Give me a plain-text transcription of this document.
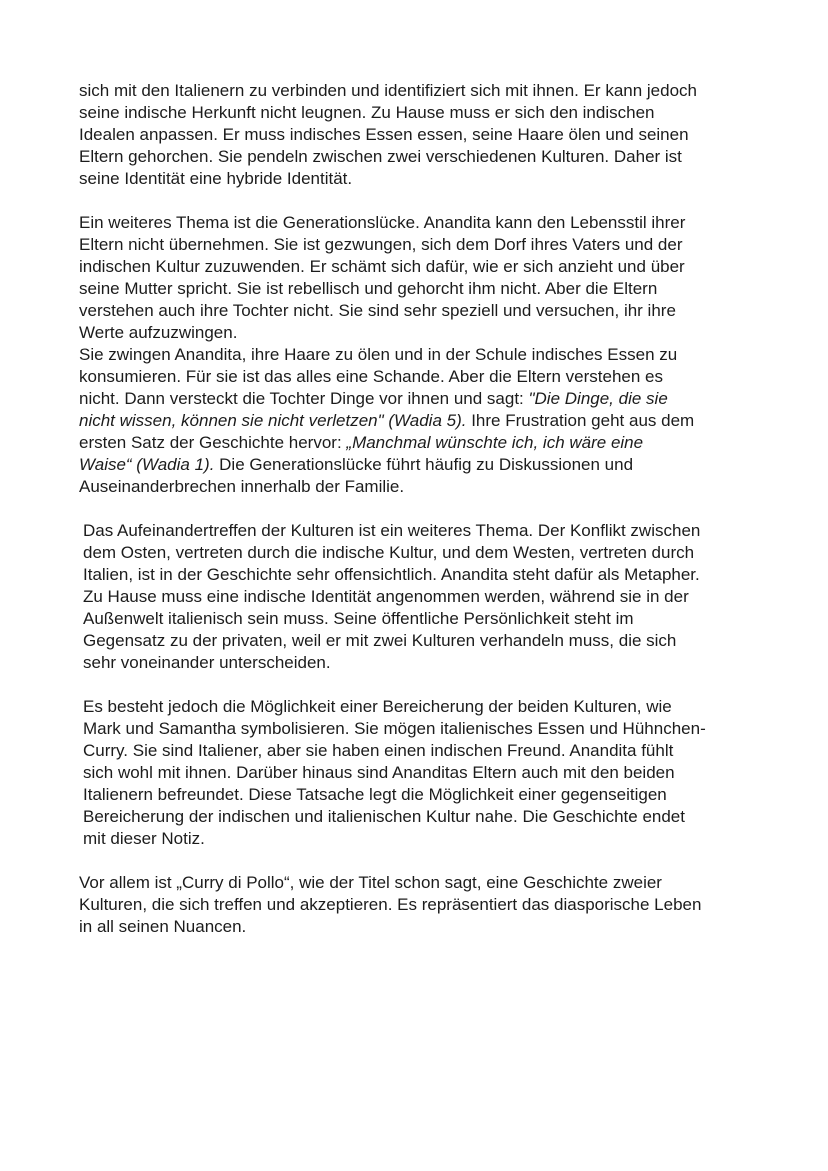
sich mit den Italienern zu verbinden und identifiziert sich mit ihnen. Er kann jedoch
seine indische Herkunft nicht leugnen. Zu Hause muss er sich den indischen
Idealen anpassen. Er muss indisches Essen essen, seine Haare ölen und seinen
Eltern gehorchen. Sie pendeln zwischen zwei verschiedenen Kulturen. Daher ist
seine Identität eine hybride Identität.

Ein weiteres Thema ist die Generationslücke. Anandita kann den Lebensstil ihrer
Eltern nicht übernehmen. Sie ist gezwungen, sich dem Dorf ihres Vaters und der
indischen Kultur zuzuwenden. Er schämt sich dafür, wie er sich anzieht und über
seine Mutter spricht. Sie ist rebellisch und gehorcht ihm nicht. Aber die Eltern
verstehen auch ihre Tochter nicht. Sie sind sehr speziell und versuchen, ihr ihre
Werte aufzuzwingen.

Sie zwingen Anandita, ihre Haare zu ölen und in der Schule indisches Essen zu
konsumieren. Für sie ist das alles eine Schande. Aber die Eltern verstehen es
nicht. Dann versteckt die Tochter Dinge vor ihnen und sagt: "Die Dinge, die sie
nicht wissen, können sie nicht verletzen" (Wadia 5). Ihre Frustration geht aus dem
ersten Satz der Geschichte hervor: „Manchmal wünschte ich, ich wäre eine
Waise“ (Wadia 1). Die Generationslücke führt häufig zu Diskussionen und
Auseinanderbrechen innerhalb der Familie.

Das Aufeinandertreffen der Kulturen ist ein weiteres Thema. Der Konflikt zwischen
dem Osten, vertreten durch die indische Kultur, und dem Westen, vertreten durch
Italien, ist in der Geschichte sehr offensichtlich. Anandita steht dafür als Metapher.
Zu Hause muss eine indische Identität angenommen werden, während sie in der
Außenwelt italienisch sein muss. Seine öffentliche Persönlichkeit steht im
Gegensatz zu der privaten, weil er mit zwei Kulturen verhandeln muss, die sich
sehr voneinander unterscheiden.

Es besteht jedoch die Möglichkeit einer Bereicherung der beiden Kulturen, wie
Mark und Samantha symbolisieren. Sie mögen italienisches Essen und Hühnchen-
Curry. Sie sind Italiener, aber sie haben einen indischen Freund. Anandita fühlt
sich wohl mit ihnen. Darüber hinaus sind Ananditas Eltern auch mit den beiden
Italienern befreundet. Diese Tatsache legt die Möglichkeit einer gegenseitigen
Bereicherung der indischen und italienischen Kultur nahe. Die Geschichte endet
mit dieser Notiz.

Vor allem ist „Curry di Pollo“, wie der Titel schon sagt, eine Geschichte zweier
Kulturen, die sich treffen und akzeptieren. Es repräsentiert das diasporische Leben
in all seinen Nuancen.
